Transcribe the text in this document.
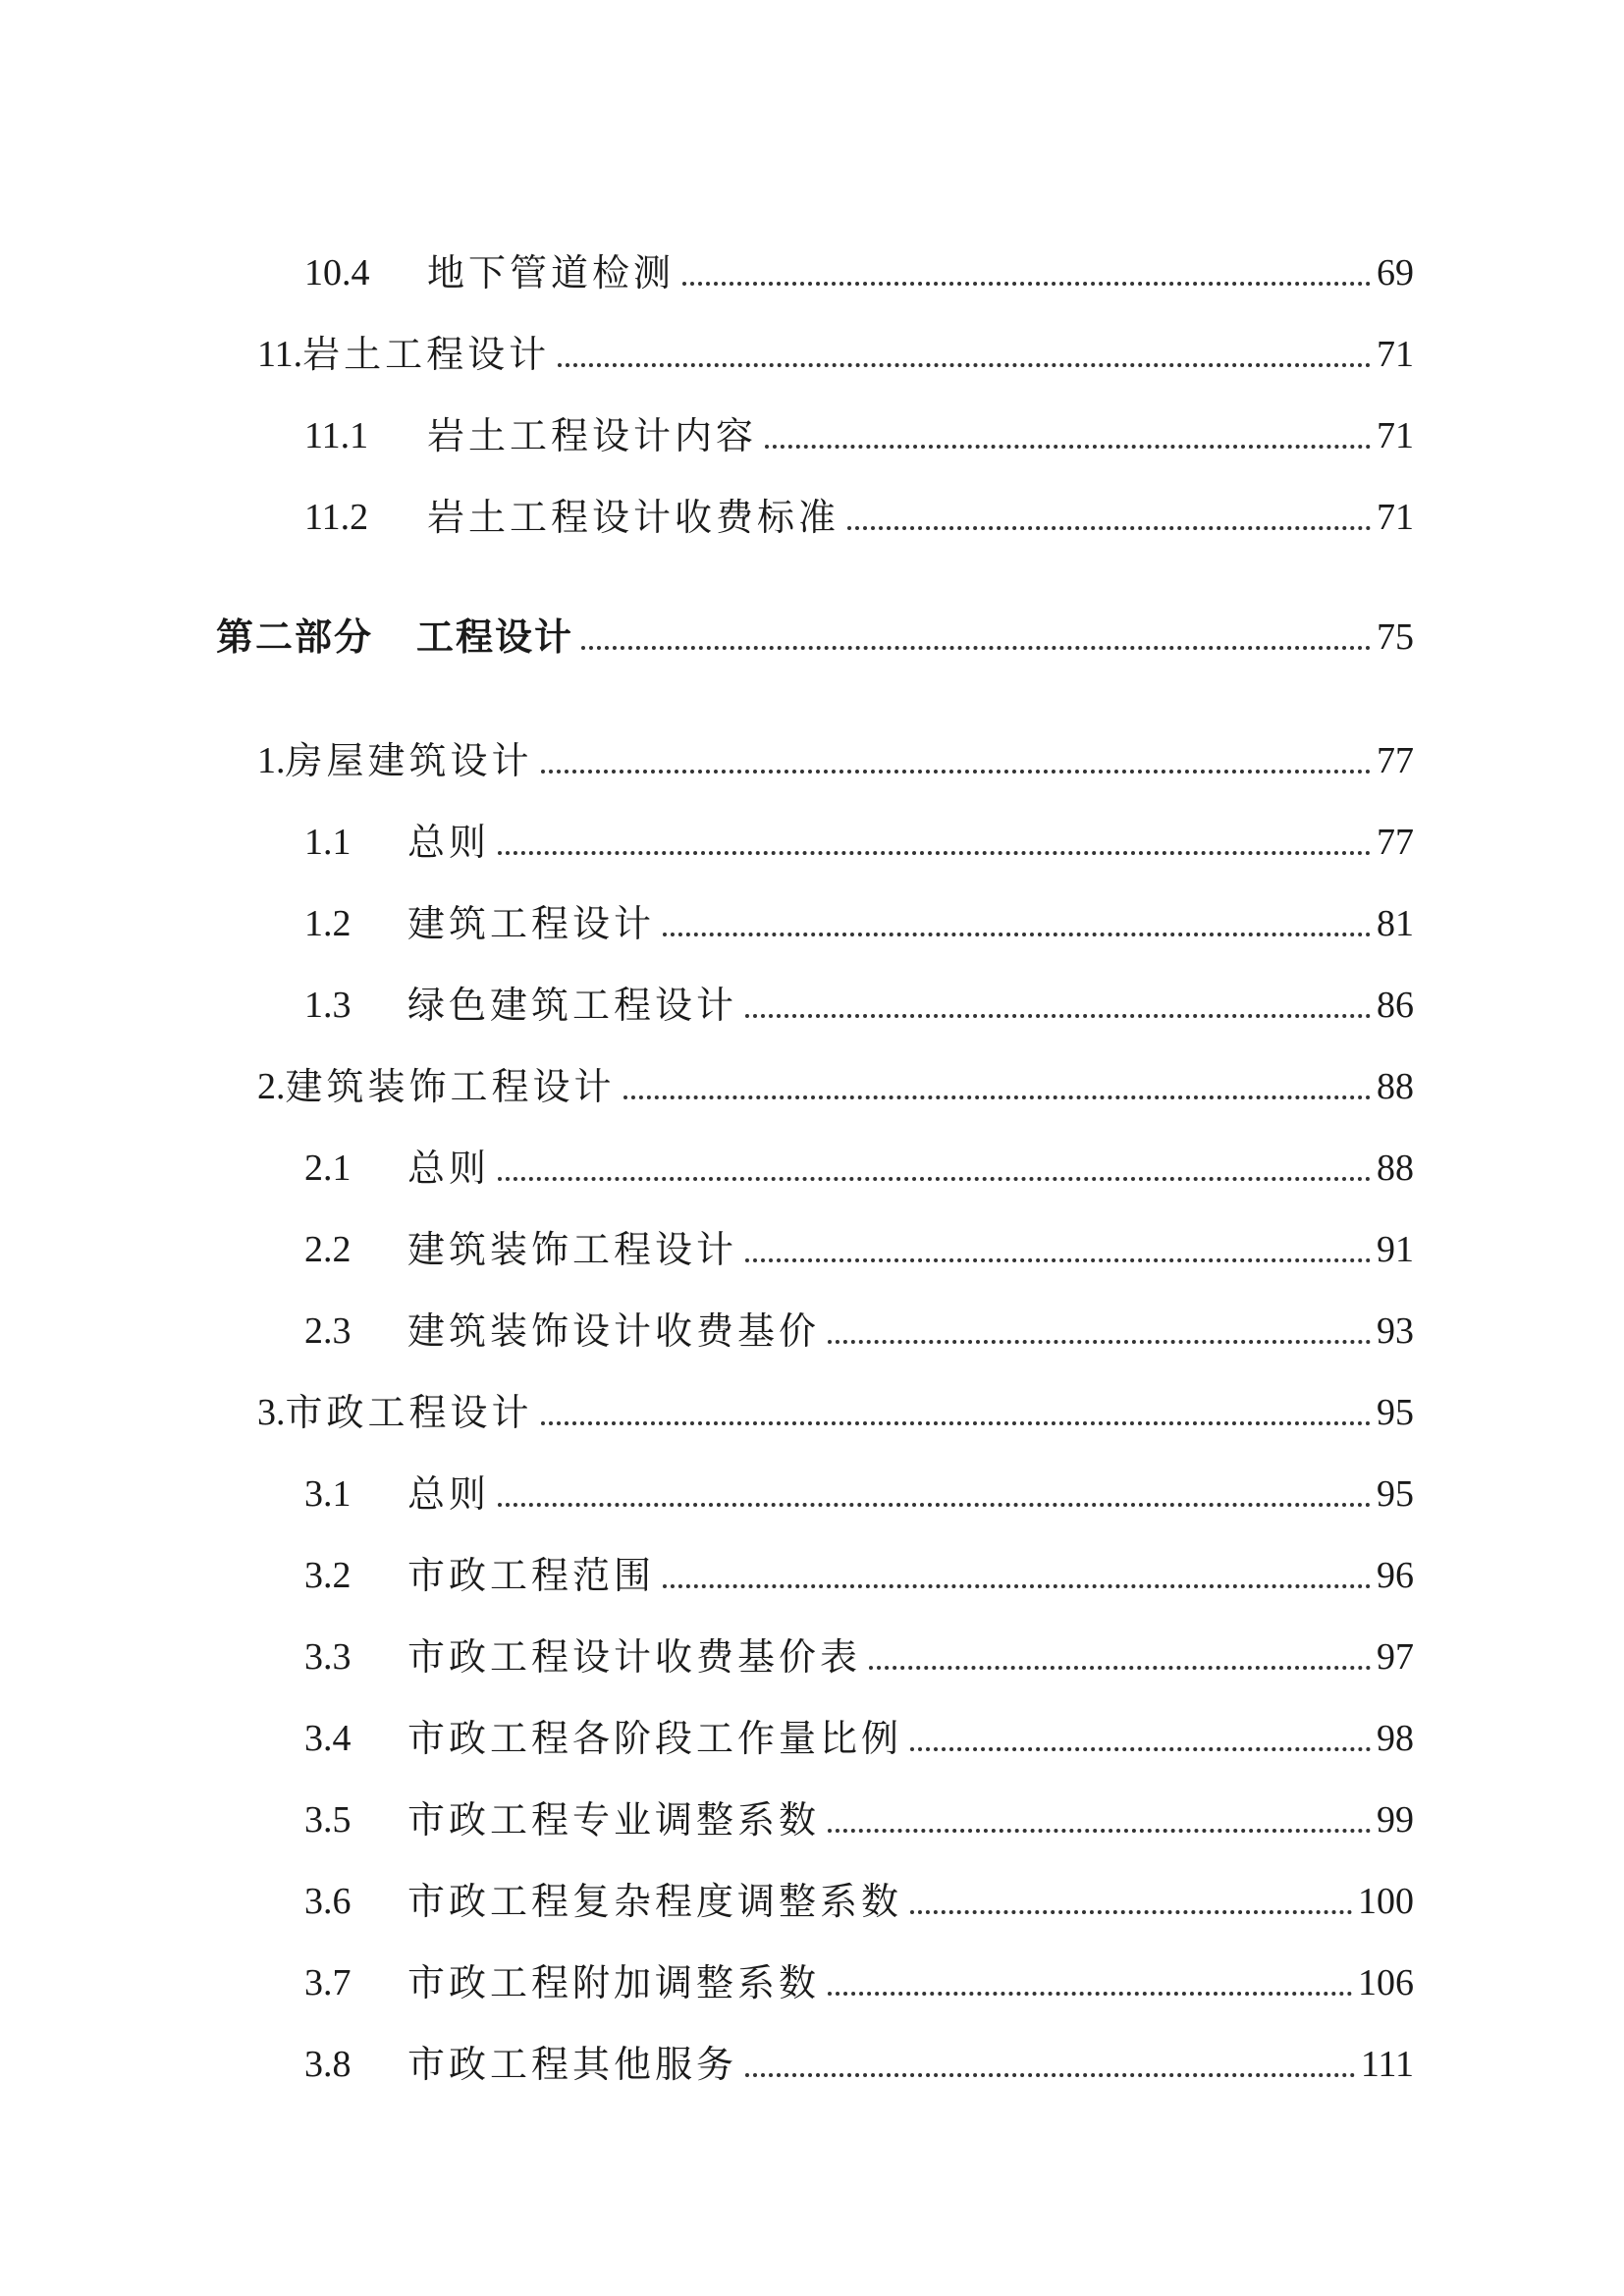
10.4	地下管道检测	69
11. 岩土工程设计	71
11.1	岩土工程设计内容	71
11.2	岩土工程设计收费标准	71
第二部分 工程设计	75
1. 房屋建筑设计	77
1.1	总则	77
1.2	建筑工程设计	81
1.3	绿色建筑工程设计	86
2. 建筑装饰工程设计	88
2.1	总则	88
2.2	建筑装饰工程设计	91
2.3	建筑装饰设计收费基价	93
3. 市政工程设计	95
3.1	总则	95
3.2	市政工程范围	96
3.3	市政工程设计收费基价表	97
3.4	市政工程各阶段工作量比例	98
3.5	市政工程专业调整系数	99
3.6	市政工程复杂程度调整系数	100
3.7	市政工程附加调整系数	106
3.8	市政工程其他服务	111
